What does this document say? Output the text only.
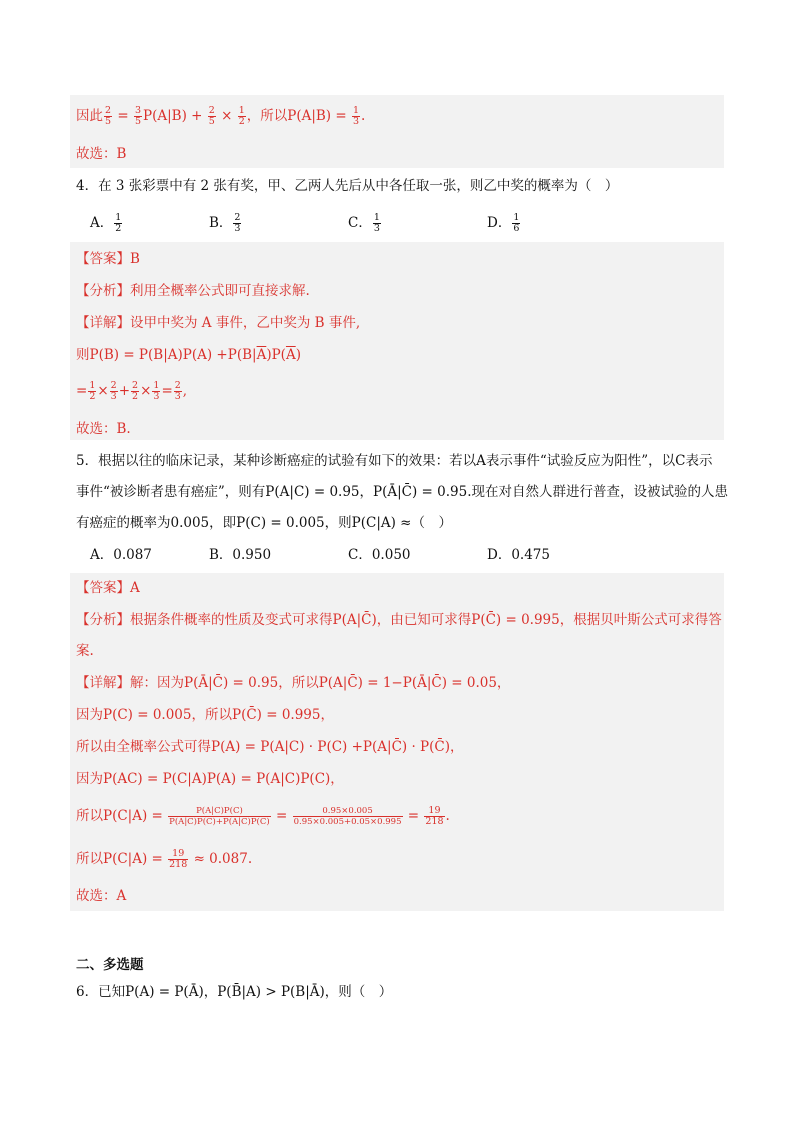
因此 $\frac{2}{5} = \frac{3}{5} P(A|B) + \frac{2}{5} \times \frac{1}{2}$ ，所以$P(A|B) = \frac{1}{3}$ .
故选：B
4．在 3 张彩票中有 2 张有奖，甲、乙两人先后从中各任取一张，则乙中奖的概率为（　）
A． $\frac{1}{2}$	B． $\frac{2}{3}$	C． $\frac{1}{3}$	D． $\frac{1}{6}$
【答案】B
【分析】利用全概率公式即可直接求解.
【详解】设甲中奖为 A 事件，乙中奖为 B 事件,
则$P(B) = P(B|A)P(A) +P(B|\overline{A})P(\overline{A})$
= $\frac{1}{2} \times \frac{2}{3} + \frac{2}{2} \times \frac{1}{3} = \frac{2}{3}$ ,
故选：B.
5．根据以往的临床记录，某种诊断癌症的试验有如下的效果：若以A表示事件“试验反应为阳性”，以C表示
事件“被诊断者患有癌症”，则有P(A|C) = 0.95，P(Ā|C̄) = 0.95.现在对自然人群进行普查，设被试验的人患
有癌症的概率为0.005，即P(C) = 0.005，则P(C|A) ≈（　）
A．0.087	B．0.950	C．0.050	D．0.475
【答案】A
【分析】根据条件概率的性质及变式可求得P(A|C̄)，由已知可求得P(C̄) = 0.995，根据贝叶斯公式可求得答
案.
【详解】解：因为P(Ā|C̄) = 0.95，所以P(A|C̄) = 1−P(Ā|C̄) = 0.05，
因为P(C) = 0.005，所以P(C̄) = 0.995，
所以由全概率公式可得P(A) = P(A|C) · P(C) +P(A|C̄) · P(C̄)，
因为P(AC) = P(C|A)P(A) = P(A|C)P(C)，
所以$P(C|A) = \frac{P(A|C)P(C)}{P(A|C)P(C)+P(A|C̄)P(C̄)} = \frac{0.95\times 0.005}{0.95\times 0.005+0.05\times 0.995} = \frac{19}{218}$ .
所以$P(C|A) = \frac{19}{218} \approx 0.087$.
故选：A
二、多选题
6．已知P(A) = P(Ā)，P(B̄|A) > P(B|Ā)，则（　）
